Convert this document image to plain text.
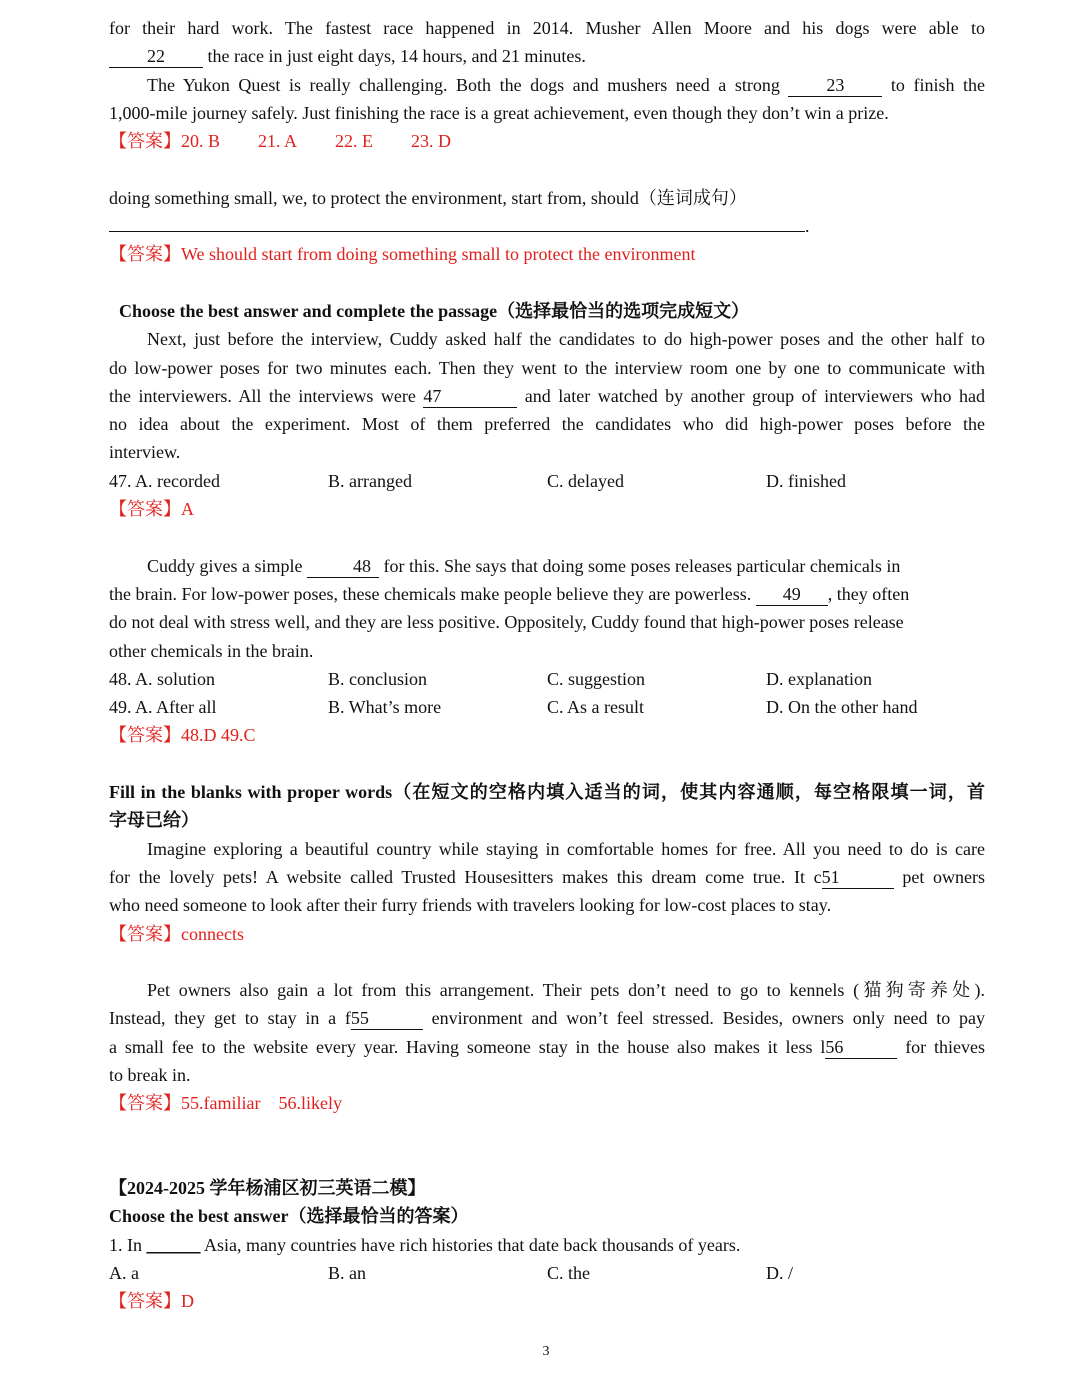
for their hard work. The fastest race happened in 2014. Musher Allen Moore and his dogs were able to

22 the race in just eight days, 14 hours, and 21 minutes.

The Yukon Quest is really challenging. Both the dogs and mushers need a strong	23	to finish the

1,000-mile journey safely. Just finishing the race is a great achievement, even though they don’t win a prize.

【答案】20. B 21. A 22. E 23. D

doing something small, we, to protect the environment, start from, should（连词成句）

.

【答案】We should start from doing something small to protect the environment

Choose the best answer and complete the passage（选择最恰当的选项完成短文）

Next, just before the interview, Cuddy asked half the candidates to do high-power poses and the other half to

do low-power poses for two minutes each. Then they went to the interview room one by one to communicate with

the interviewers. All the interviews were 47	and later watched by another group of interviewers who had

no idea about the experiment. Most of them preferred the candidates who did high-power poses before the

interview.

47. A. recorded	B. arranged	C. delayed	D. finished

【答案】A

Cuddy gives a simple	48 for this. She says that doing some poses releases particular chemicals in

the brain. For low-power poses, these chemicals make people believe they are powerless. 49 , they often

do not deal with stress well, and they are less positive. Oppositely, Cuddy found that high-power poses release

other chemicals in the brain.

48. A. solution	B. conclusion	C. suggestion	D. explanation
49. A. After all	B. What’s more	C. As a result	D. On the other hand

【答案】48.D 49.C

Fill in the blanks with proper words（在短文的空格内填入适当的词，使其内容通顺，每空格限填一词，首

字母已给）

Imagine exploring a beautiful country while staying in comfortable homes for free. All you need to do is care

for the lovely pets! A website called Trusted Housesitters makes this dream come true. It c51	pet owners

who need someone to look after their furry friends with travelers looking for low-cost places to stay.

【答案】connects

Pet owners also gain a lot from this arrangement. Their pets don’t need to go to kennels (猫狗寄养处).

Instead, they get to stay in a f55	environment and won’t feel stressed. Besides, owners only need to pay

a small fee to the website every year. Having someone stay in the house also makes it less l56	for thieves

to break in.

【答案】55.familiar 56.likely

【2024-2025 学年杨浦区初三英语二模】

Choose the best answer（选择最恰当的答案）

1. In ______ Asia, many countries have rich histories that date back thousands of years.

A. a	B. an	C. the	D. /

【答案】D

3
